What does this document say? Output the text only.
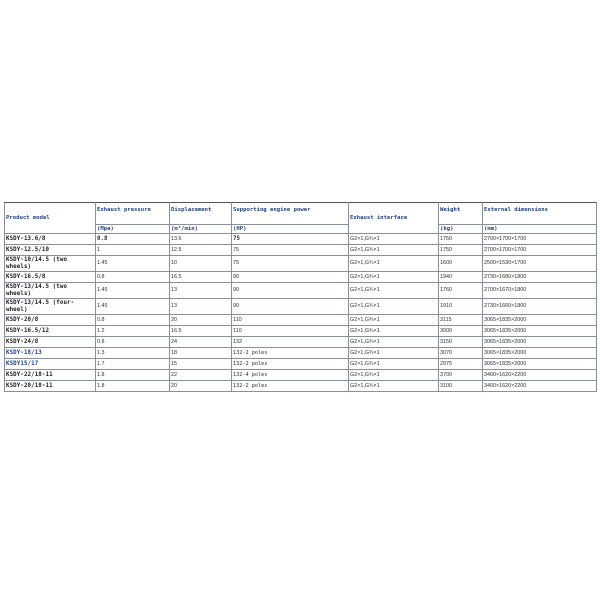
Product model	Exhaust pressure	Displacement	Supporting engine power	Exhaust interface	Weight	External dimensions
	(Mpa)	(m³/min)	(HP)		(kg)	(mm)
KSDY-13.6/8	0.8	13.6	75	G2×1,G¾×1	1750	2700×1700×1700
KSDY-12.5/10	1	12.5	75	G2×1,G¾×1	1750	2700×1700×1700
KSDY-10/14.5 (two wheels)	1.45	10	75	G2×1,G¾×1	1600	2500×1530×1700
KSDY-16.5/8	0.8	16.5	90	G2×1,G¾×1	1940	2730×1680×1800
KSDY-13/14.5 (two wheels)	1.45	13	90	G2×1,G¾×1	1760	2700×1670×1800
KSDY-13/14.5 (four-wheel)	1.45	13	90	G2×1,G¾×1	1910	2730×1660×1800
KSDY-20/8	0.8	20	110	G2×1,G¾×1	3115	3065×1835×2000
KSDY-16.5/12	1.2	16.5	110	G2×1,G¾×1	3000	3065×1835×2000
KSDY-24/8	0.8	24	132	G2×1,G¾×1	3150	3065×1835×2000
KSDY-18/13	1.3	18	132-2 poles	G2×1,G¾×1	3070	3065×1835×2000
KSDY15/17	1.7	15	132-2 poles	G2×1,G¾×1	2975	3065×1835×2000
KSDY-22/18-11	1.8	22	132-4 poles	G2×1,G¾×1	3700	3400×1620×2200
KSDY-20/18-11	1.8	20	132-2 poles	G2×1,G¾×1	3100	3400×1620×2200
